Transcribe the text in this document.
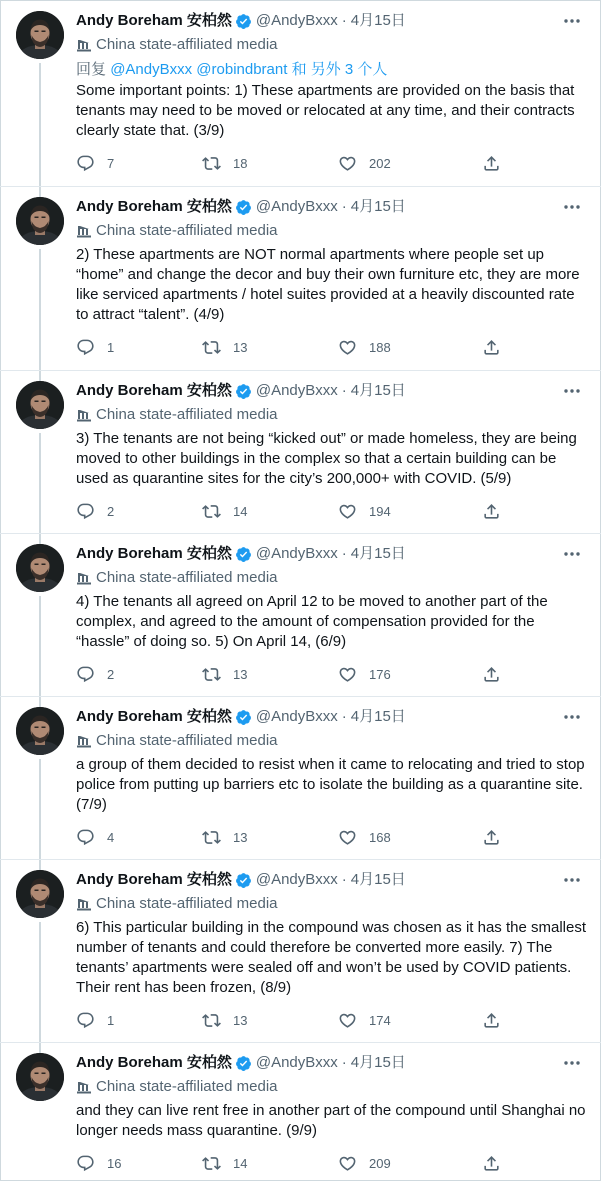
Andy Boreham 安柏然 @AndyBxxx · 4月15日
China state-affiliated media
Some important points: 1) These apartments are provided on the basis that tenants may need to be moved or relocated at any time, and their contracts clearly state that. (3/9)
7	18	202
回复 @AndyBxxx @robindbrant 和 另外 3 个人
Andy Boreham 安柏然 @AndyBxxx · 4月15日
China state-affiliated media
2) These apartments are NOT normal apartments where people set up “home” and change the decor and buy their own furniture etc, they are more like serviced apartments / hotel suites provided at a heavily discounted rate to attract “talent”. (4/9)
1	13	188
Andy Boreham 安柏然 @AndyBxxx · 4月15日
China state-affiliated media
3) The tenants are not being “kicked out” or made homeless, they are being moved to other buildings in the complex so that a certain building can be used as quarantine sites for the city’s 200,000+ with COVID. (5/9)
2	14	194
Andy Boreham 安柏然 @AndyBxxx · 4月15日
China state-affiliated media
4) The tenants all agreed on April 12 to be moved to another part of the complex, and agreed to the amount of compensation provided for the “hassle” of doing so. 5) On April 14, (6/9)
2	13	176
Andy Boreham 安柏然 @AndyBxxx · 4月15日
China state-affiliated media
a group of them decided to resist when it came to relocating and tried to stop police from putting up barriers etc to isolate the building as a quarantine site. (7/9)
4	13	168
Andy Boreham 安柏然 @AndyBxxx · 4月15日
China state-affiliated media
6) This particular building in the compound was chosen as it has the smallest number of tenants and could therefore be converted more easily. 7) The tenants’ apartments were sealed off and won’t be used by COVID patients. Their rent has been frozen, (8/9)
1	13	174
Andy Boreham 安柏然 @AndyBxxx · 4月15日
China state-affiliated media
and they can live rent free in another part of the compound until Shanghai no longer needs mass quarantine. (9/9)
16	14	209
